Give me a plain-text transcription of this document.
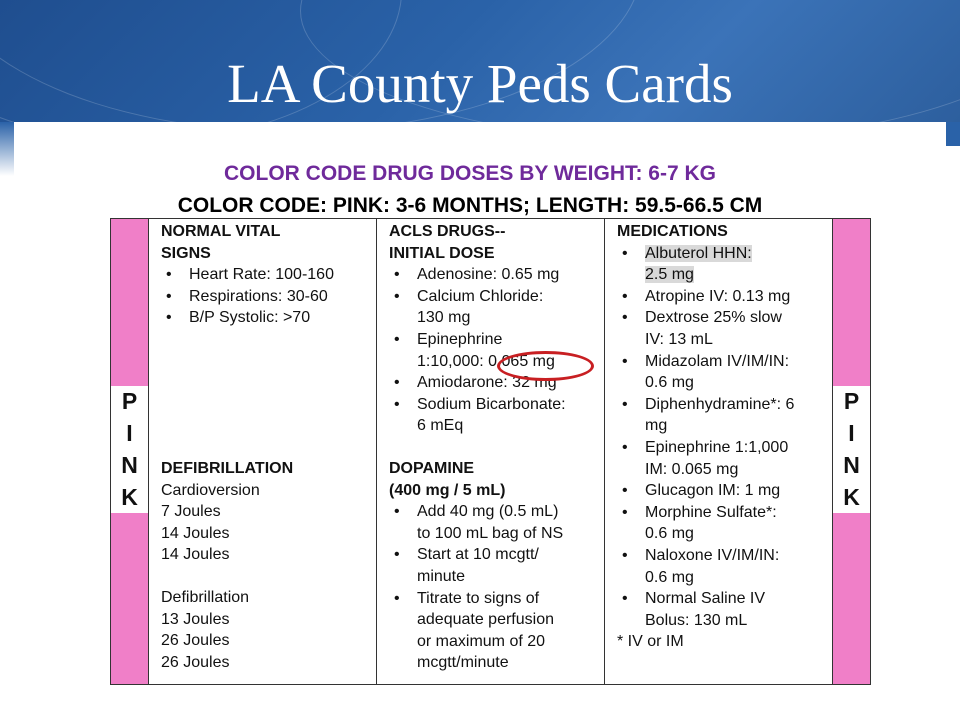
LA County Peds Cards
✦
COLOR CODE DRUG DOSES BY WEIGHT: 6-7 KG
COLOR CODE: PINK: 3-6 MONTHS; LENGTH: 59.5-66.5 CM
P
I
N
K
NORMAL VITAL
SIGNS
• Heart Rate: 100-160
• Respirations: 30-60
• B/P Systolic: >70
DEFIBRILLATION
Cardioversion
7 Joules
14 Joules
14 Joules
Defibrillation
13 Joules
26 Joules
26 Joules
ACLS DRUGS--
INITIAL DOSE
• Adenosine: 0.65 mg
• Calcium Chloride:
130 mg
• Epinephrine
1:10,000: 0.065 mg
• Amiodarone: 32 mg
• Sodium Bicarbonate:
6 mEq
DOPAMINE
(400 mg / 5 mL)
• Add 40 mg (0.5 mL)
to 100 mL bag of NS
• Start at 10 mcgtt/
minute
• Titrate to signs of
adequate perfusion
or maximum of 20
mcgtt/minute
MEDICATIONS
• Albuterol HHN:
2.5 mg
• Atropine IV: 0.13 mg
• Dextrose 25% slow
IV: 13 mL
• Midazolam IV/IM/IN:
0.6 mg
• Diphenhydramine*: 6
mg
• Epinephrine 1:1,000
IM: 0.065 mg
• Glucagon IM: 1 mg
• Morphine Sulfate*:
0.6 mg
• Naloxone IV/IM/IN:
0.6 mg
• Normal Saline IV
Bolus: 130 mL
* IV or IM
P
I
N
K
